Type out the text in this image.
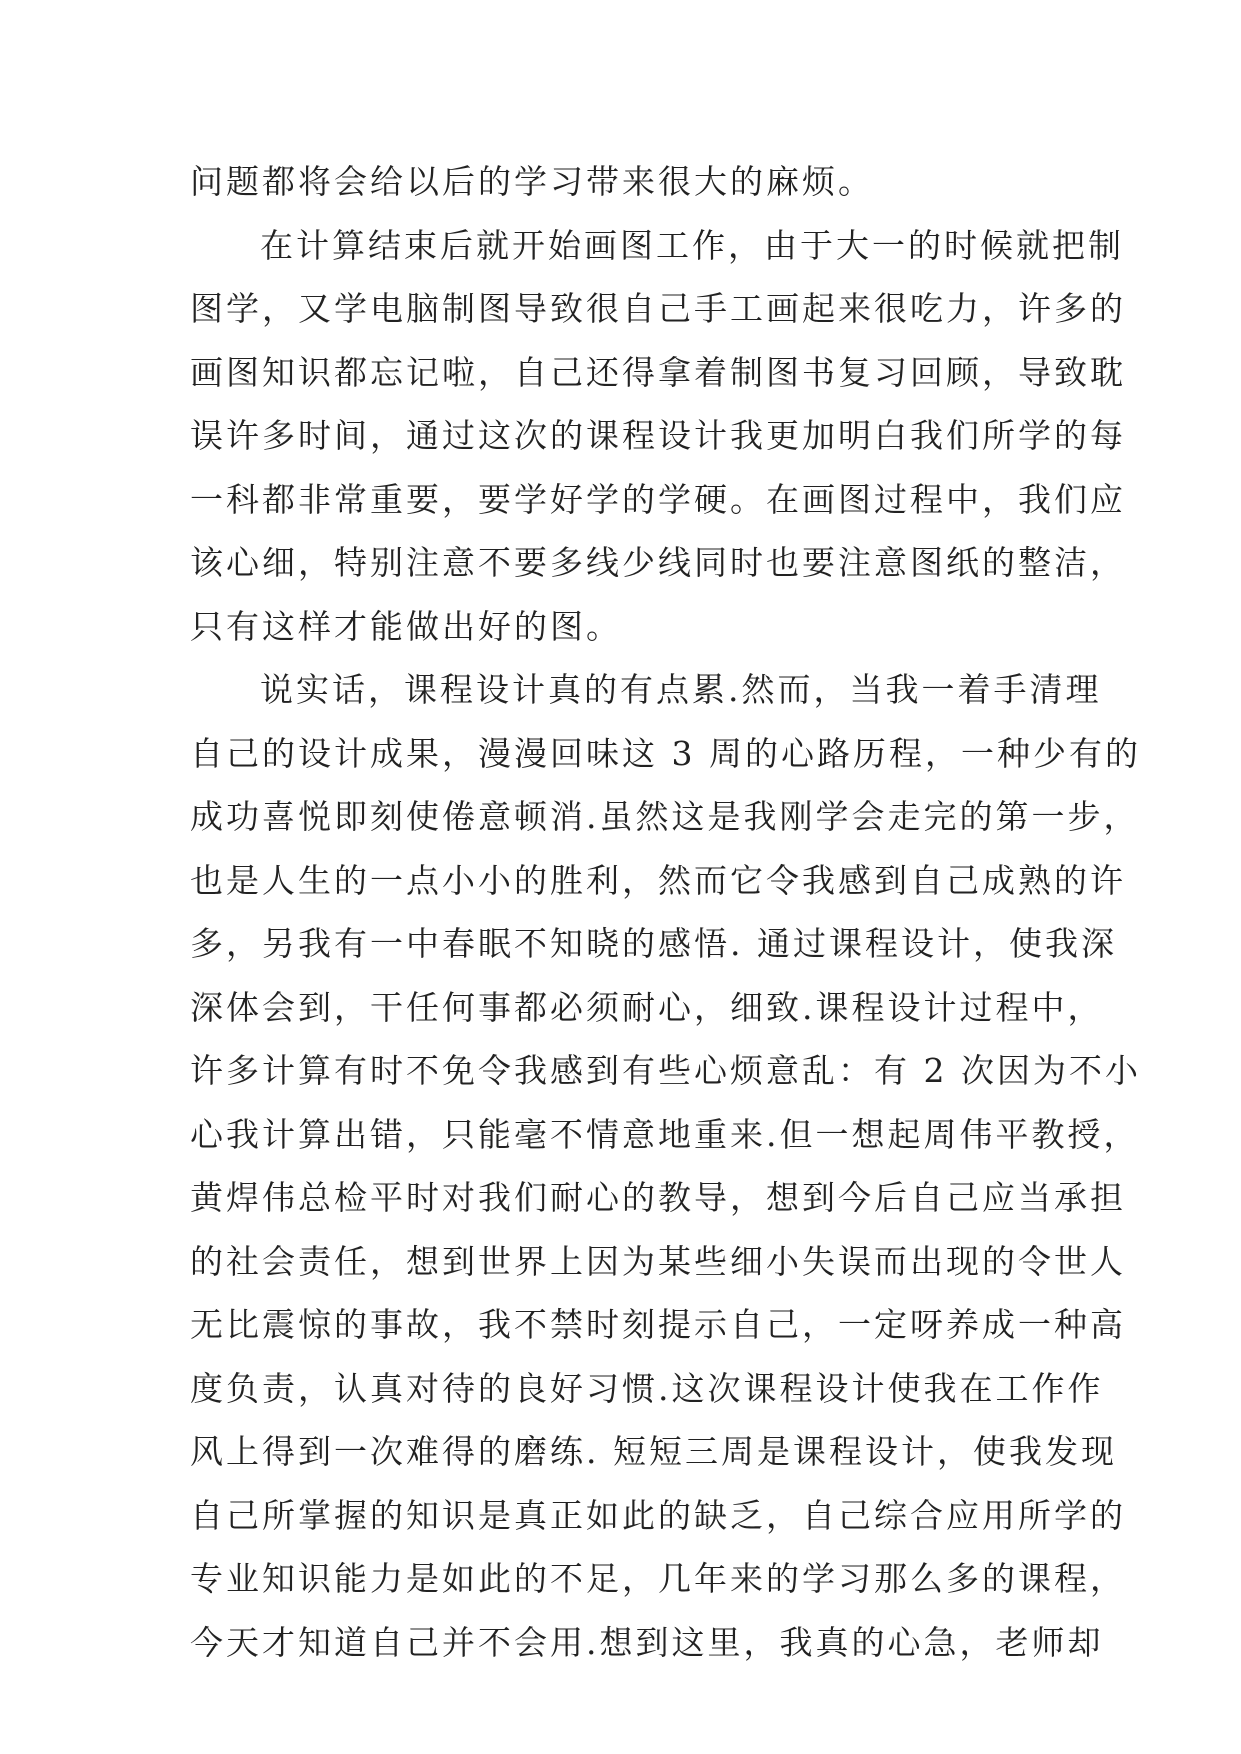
问题都将会给以后的学习带来很大的麻烦。
在计算结束后就开始画图工作，由于大一的时候就把制
图学，又学电脑制图导致很自己手工画起来很吃力，许多的
画图知识都忘记啦，自己还得拿着制图书复习回顾，导致耽
误许多时间，通过这次的课程设计我更加明白我们所学的每
一科都非常重要，要学好学的学硬。在画图过程中，我们应
该心细，特别注意不要多线少线同时也要注意图纸的整洁，
只有这样才能做出好的图。
说实话，课程设计真的有点累.然而，当我一着手清理
自己的设计成果，漫漫回味这 3 周的心路历程，一种少有的
成功喜悦即刻使倦意顿消.虽然这是我刚学会走完的第一步，
也是人生的一点小小的胜利，然而它令我感到自己成熟的许
多，另我有一中春眠不知晓的感悟. 通过课程设计，使我深
深体会到，干任何事都必须耐心，细致.课程设计过程中，
许多计算有时不免令我感到有些心烦意乱：有 2 次因为不小
心我计算出错，只能毫不情意地重来.但一想起周伟平教授，
黄焊伟总检平时对我们耐心的教导，想到今后自己应当承担
的社会责任，想到世界上因为某些细小失误而出现的令世人
无比震惊的事故，我不禁时刻提示自己，一定呀养成一种高
度负责，认真对待的良好习惯.这次课程设计使我在工作作
风上得到一次难得的磨练. 短短三周是课程设计，使我发现
自己所掌握的知识是真正如此的缺乏，自己综合应用所学的
专业知识能力是如此的不足，几年来的学习那么多的课程，
今天才知道自己并不会用.想到这里，我真的心急，老师却
